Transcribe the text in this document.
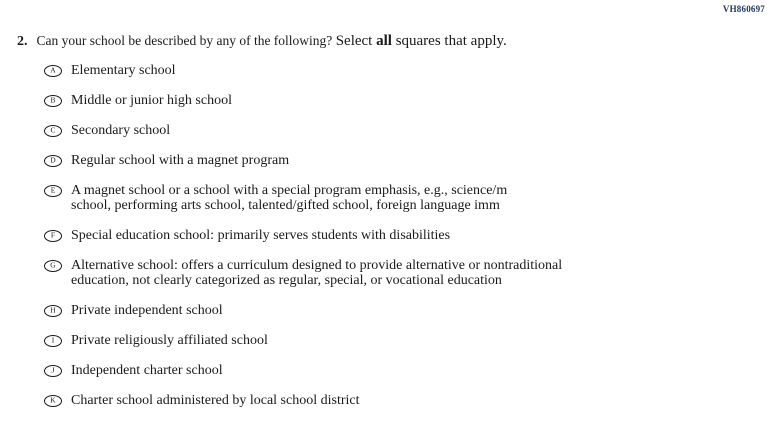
VH860697
2. Can your school be described by any of the following? Select all squares that apply.
A Elementary school
B Middle or junior high school
C Secondary school
D Regular school with a magnet program
E A magnet school or a school with a special program emphasis, e.g., science/m
school, performing arts school, talented/gifted school, foreign language imm
F Special education school: primarily serves students with disabilities
G Alternative school: offers a curriculum designed to provide alternative or nontraditional
education, not clearly categorized as regular, special, or vocational education
H Private independent school
I Private religiously affiliated school
J Independent charter school
K Charter school administered by local school district
